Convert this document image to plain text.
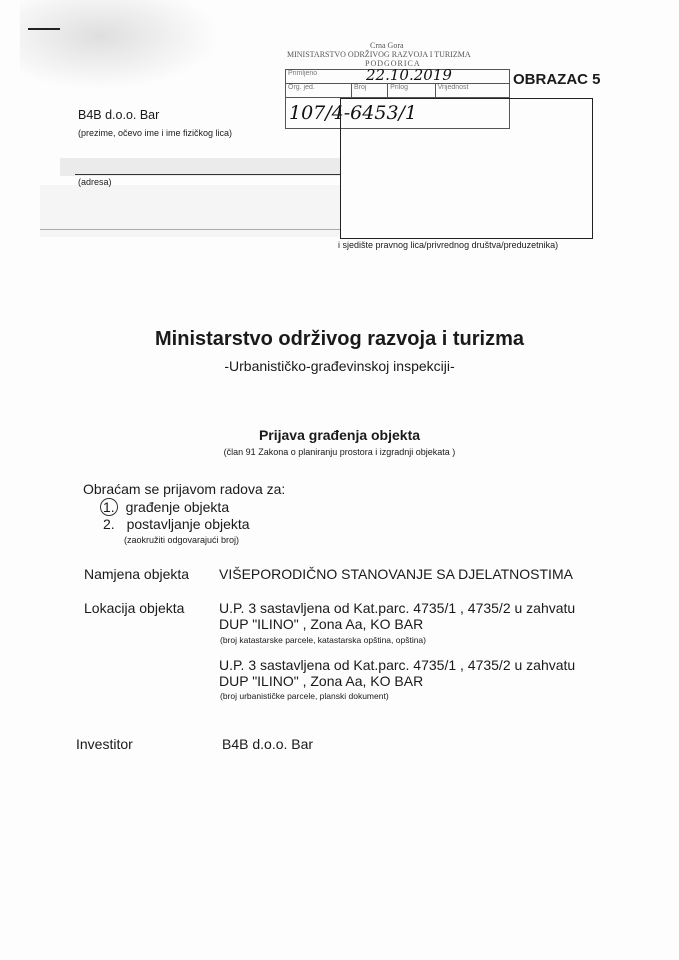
Crna Gora
MINISTARSTVO ODRŽIVOG RAZVOJA I TURIZMA
PODGORICA
Primljeno	22.10.2019

Org. jed.	Broj	Prilog	Vrijednost

107/4-6453/1
OBRAZAC 5
B4B d.o.o. Bar
(prezime, očevo ime i ime fizičkog lica)
(adresa)
i sjedište pravnog lica/privrednog društva/preduzetnika)
Ministarstvo održivog razvoja i turizma
-Urbanističko-građevinskoj inspekciji-
Prijava građenja objekta
(član 91 Zakona o planiranju prostora i izgradnji objekata )
Obraćam se prijavom radova za:
1. građenje objekta
2. postavljanje objekta
(zaokružiti odgovarajući broj)
Namjena objekta VIŠEPORODIČNO STANOVANJE SA DJELATNOSTIMA
Lokacija objekta U.P. 3 sastavljena od Kat.parc. 4735/1 , 4735/2 u zahvatu
DUP "ILINO" , Zona Aa, KO BAR
(broj katastarske parcele, katastarska opština, opština)
U.P. 3 sastavljena od Kat.parc. 4735/1 , 4735/2 u zahvatu
DUP "ILINO" , Zona Aa, KO BAR
(broj urbanističke parcele, planski dokument)
Investitor	B4B d.o.o. Bar
